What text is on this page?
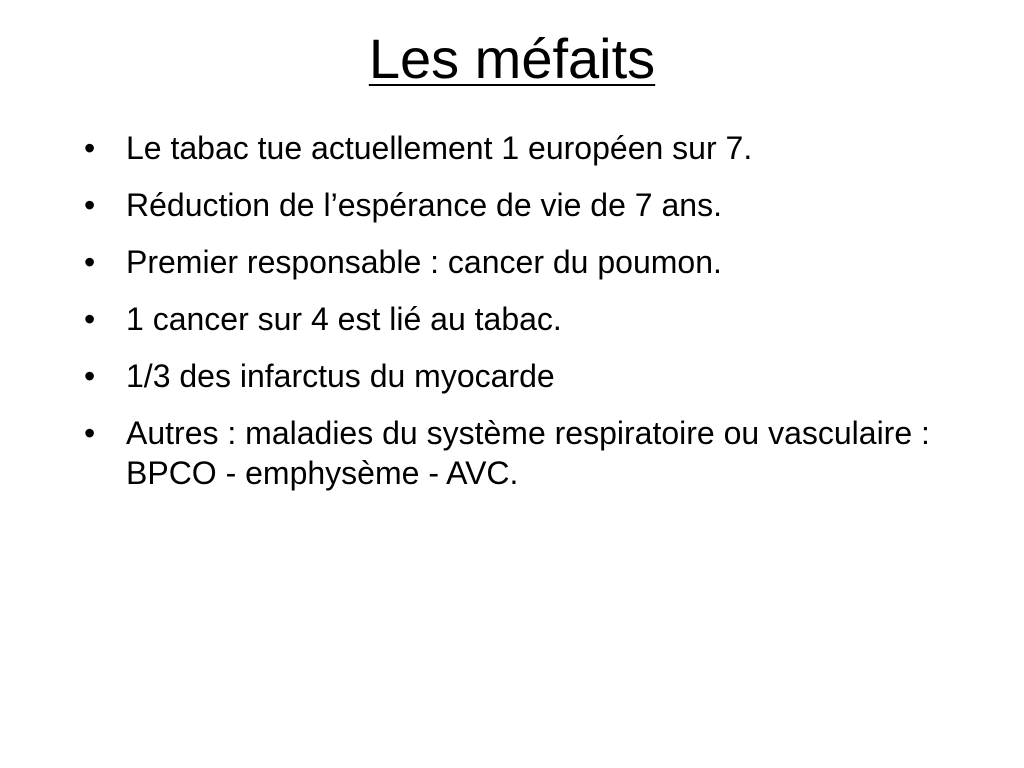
Les méfaits
• Le tabac tue actuellement 1 européen sur 7.
• Réduction de l’espérance de vie de 7 ans.
• Premier responsable : cancer du poumon.
• 1 cancer sur 4 est lié au tabac.
• 1/3 des infarctus du myocarde
• Autres : maladies du système respiratoire ou vasculaire : BPCO - emphysème - AVC.
